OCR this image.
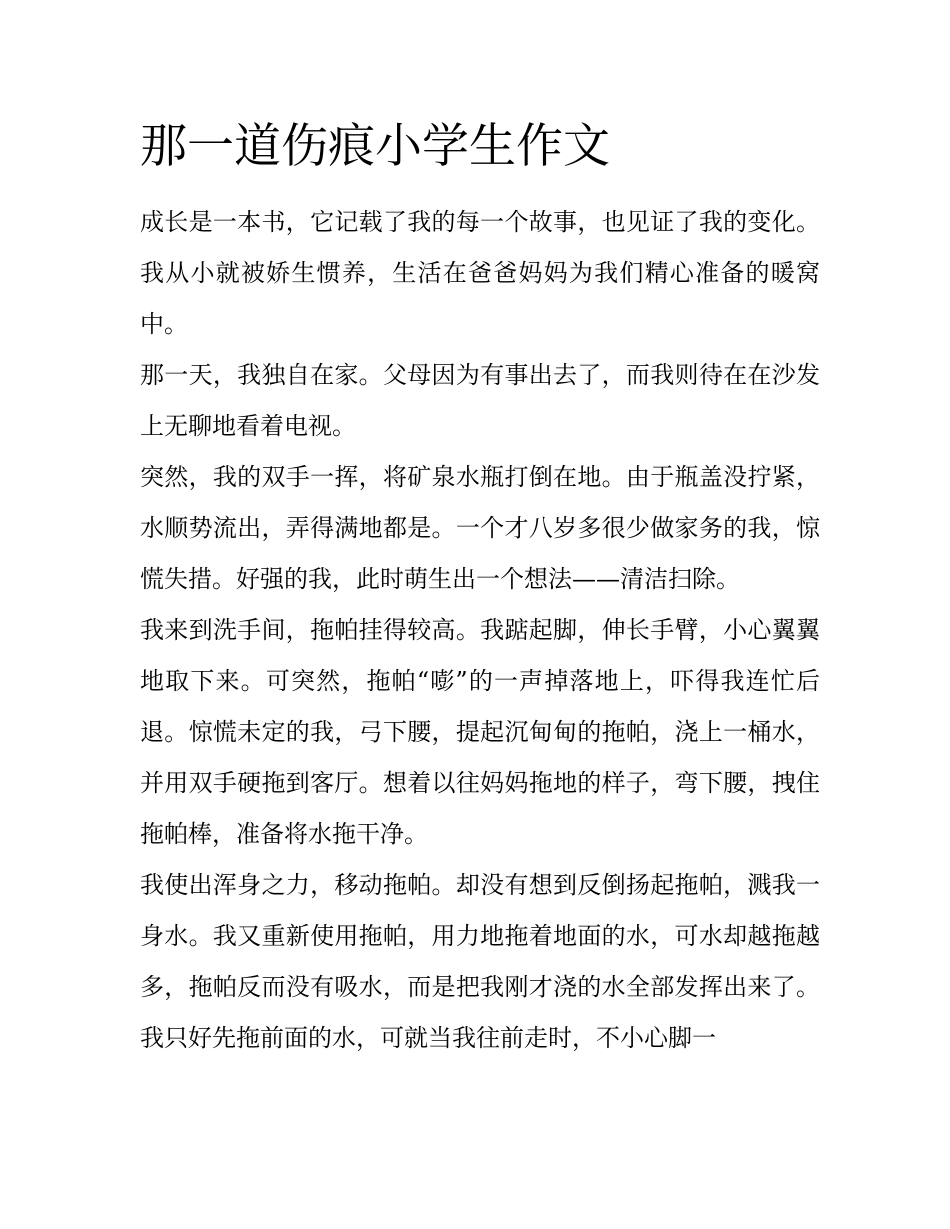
那一道伤痕小学生作文

成长是一本书，它记载了我的每一个故事，也见证了我的变化。 我从小就被娇生惯养，生活在爸爸妈妈为我们精心准备的暖窝中。

那一天，我独自在家。父母因为有事出去了，而我则待在在沙发上无聊地看着电视。

突然，我的双手一挥，将矿泉水瓶打倒在地。由于瓶盖没拧紧，水顺势流出，弄得满地都是。一个才八岁多很少做家务的我，惊慌失措。好强的我，此时萌生出一个想法——清洁扫除。

我来到洗手间，拖帕挂得较高。我踮起脚，伸长手臂，小心翼翼地取下来。可突然，拖帕“嘭”的一声掉落地上，吓得我连忙后退。惊慌未定的我，弓下腰，提起沉甸甸的拖帕，浇上一桶水，并用双手硬拖到客厅。想着以往妈妈拖地的样子，弯下腰，拽住拖帕棒，准备将水拖干净。

我使出浑身之力，移动拖帕。却没有想到反倒扬起拖帕，溅我一身水。我又重新使用拖帕，用力地拖着地面的水，可水却越拖越多，拖帕反而没有吸水，而是把我刚才浇的水全部发挥出来了。我只好先拖前面的水，可就当我往前走时，不小心脚一
